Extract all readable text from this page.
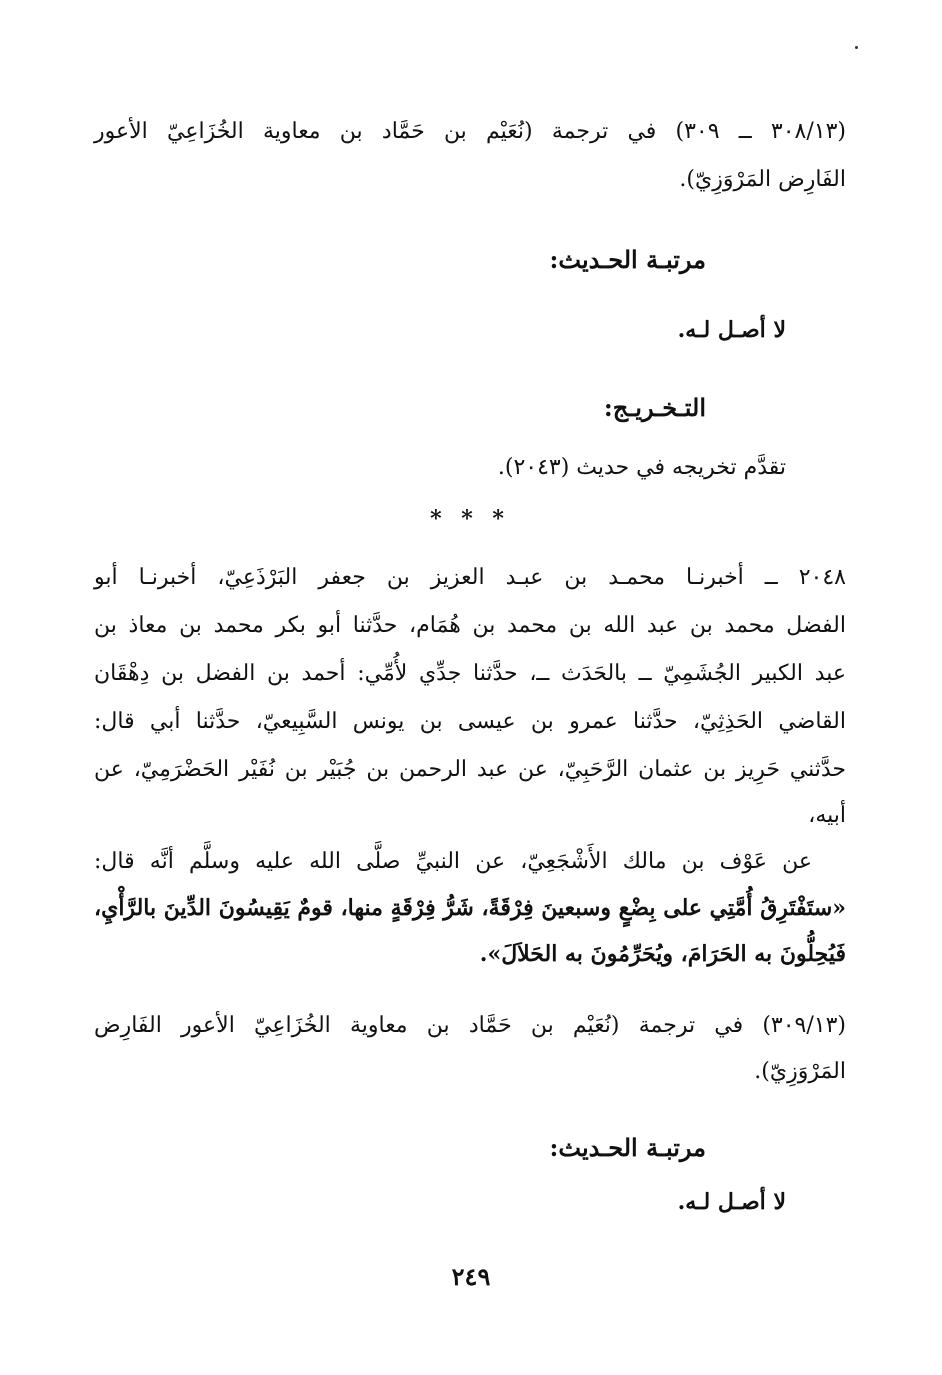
(٣٠٨/١٣ ــ ٣٠٩) في ترجمة (نُعَيْم بن حَمَّاد بن معاوية الخُزَاعِيّ الأعور
الفَارِض المَرْوَزِيّ).
مرتبـة الحـديث:
لا أصـل لـه.
التـخـريـج:
تقدَّم تخريجه في حديث (٢٠٤٣).
* * *
٢٠٤٨ ــ أخبرنـا محمـد بن عبـد العزيز بن جعفر البَرْذَعِيّ، أخبرنـا أبو
الفضل محمد بن عبد الله بن محمد بن هُمَام، حدَّثنا أبو بكر محمد بن معاذ بن
عبد الكبير الجُشَمِيّ ــ بالحَدَث ــ، حدَّثنا جدِّي لأُمِّي: أحمد بن الفضل بن دِهْقَان
القاضي الحَذِثِيّ، حدَّثنا عمرو بن عيسى بن يونس السَّبِيعيّ، حدَّثنا أبي قال:
حدَّثني حَرِيز بن عثمان الرَّحَبِيّ، عن عبد الرحمن بن جُبَيْر بن نُفَيْر الحَضْرَمِيّ، عن
أبيه،
عن عَوْف بن مالك الأَشْجَعِيّ، عن النبيِّ صلَّى الله عليه وسلَّم أنَّه قال:
«ستَفْتَرِقُ أُمَّتِي على بِضْعٍ وسبعينَ فِرْقَةً، شَرُّ فِرْقَةٍ منها، قومٌ يَقِيسُونَ الدِّينَ بالرَّأْيِ،
فَيُحِلُّونَ به الحَرَامَ، ويُحَرِّمُونَ به الحَلاَلَ».
(٣٠٩/١٣) في ترجمة (نُعَيْم بن حَمَّاد بن معاوية الخُزَاعِيّ الأعور الفَارِض
المَرْوَزِيّ).
مرتبـة الحـديث:
لا أصـل لـه.
٢٤٩
